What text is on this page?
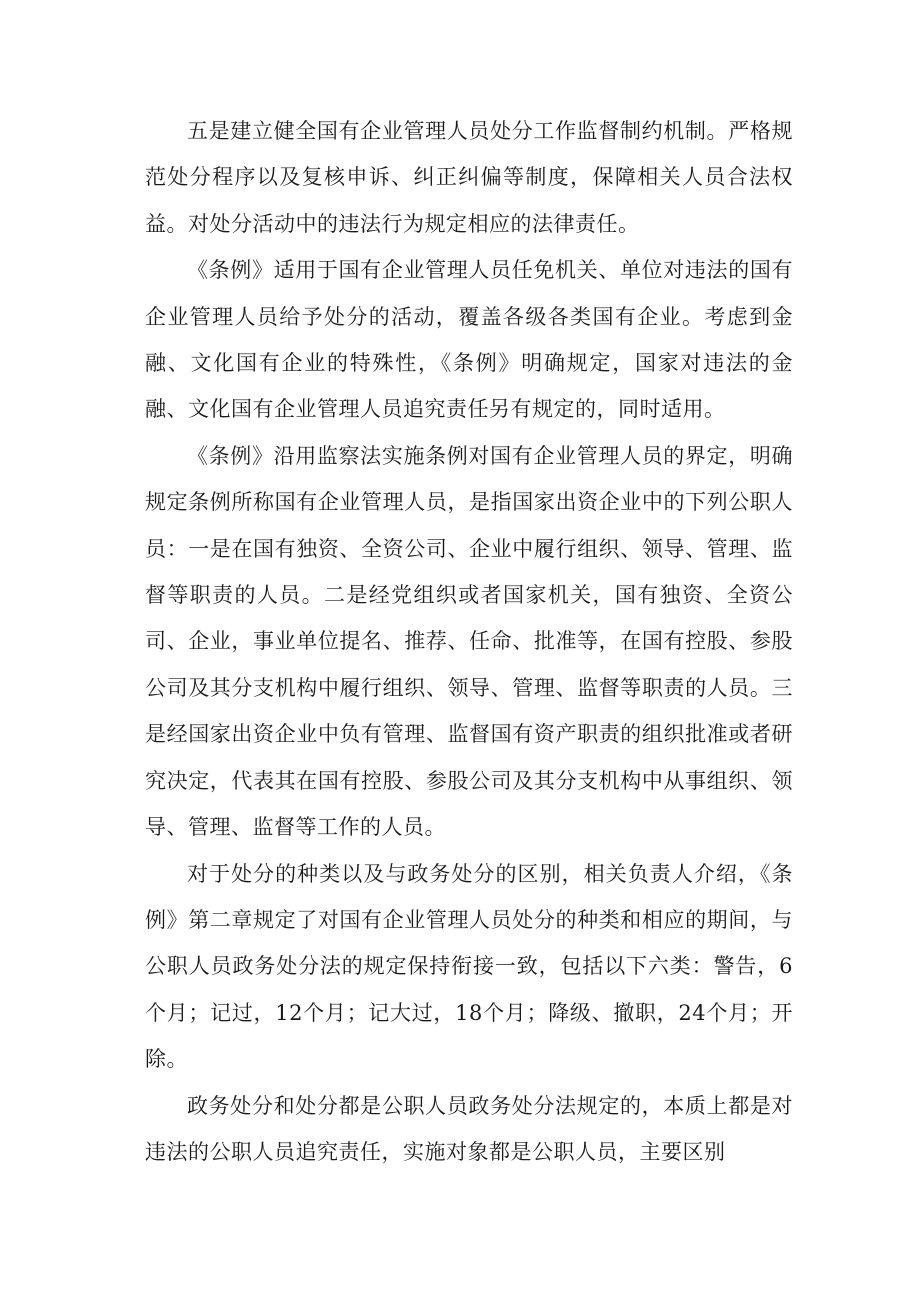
五是建立健全国有企业管理人员处分工作监督制约机制。严格规范处分程序以及复核申诉、纠正纠偏等制度，保障相关人员合法权益。对处分活动中的违法行为规定相应的法律责任。

《条例》适用于国有企业管理人员任免机关、单位对违法的国有企业管理人员给予处分的活动，覆盖各级各类国有企业。考虑到金融、文化国有企业的特殊性，《条例》明确规定，国家对违法的金融、文化国有企业管理人员追究责任另有规定的，同时适用。

《条例》沿用监察法实施条例对国有企业管理人员的界定，明确规定条例所称国有企业管理人员，是指国家出资企业中的下列公职人员：一是在国有独资、全资公司、企业中履行组织、领导、管理、监督等职责的人员。二是经党组织或者国家机关，国有独资、全资公司、企业，事业单位提名、推荐、任命、批准等，在国有控股、参股公司及其分支机构中履行组织、领导、管理、监督等职责的人员。三是经国家出资企业中负有管理、监督国有资产职责的组织批准或者研究决定，代表其在国有控股、参股公司及其分支机构中从事组织、领导、管理、监督等工作的人员。

对于处分的种类以及与政务处分的区别，相关负责人介绍，《条例》第二章规定了对国有企业管理人员处分的种类和相应的期间，与公职人员政务处分法的规定保持衔接一致，包括以下六类：警告，6个月；记过，12个月；记大过，18个月；降级、撤职，24个月；开除。

政务处分和处分都是公职人员政务处分法规定的，本质上都是对违法的公职人员追究责任，实施对象都是公职人员，主要区别
